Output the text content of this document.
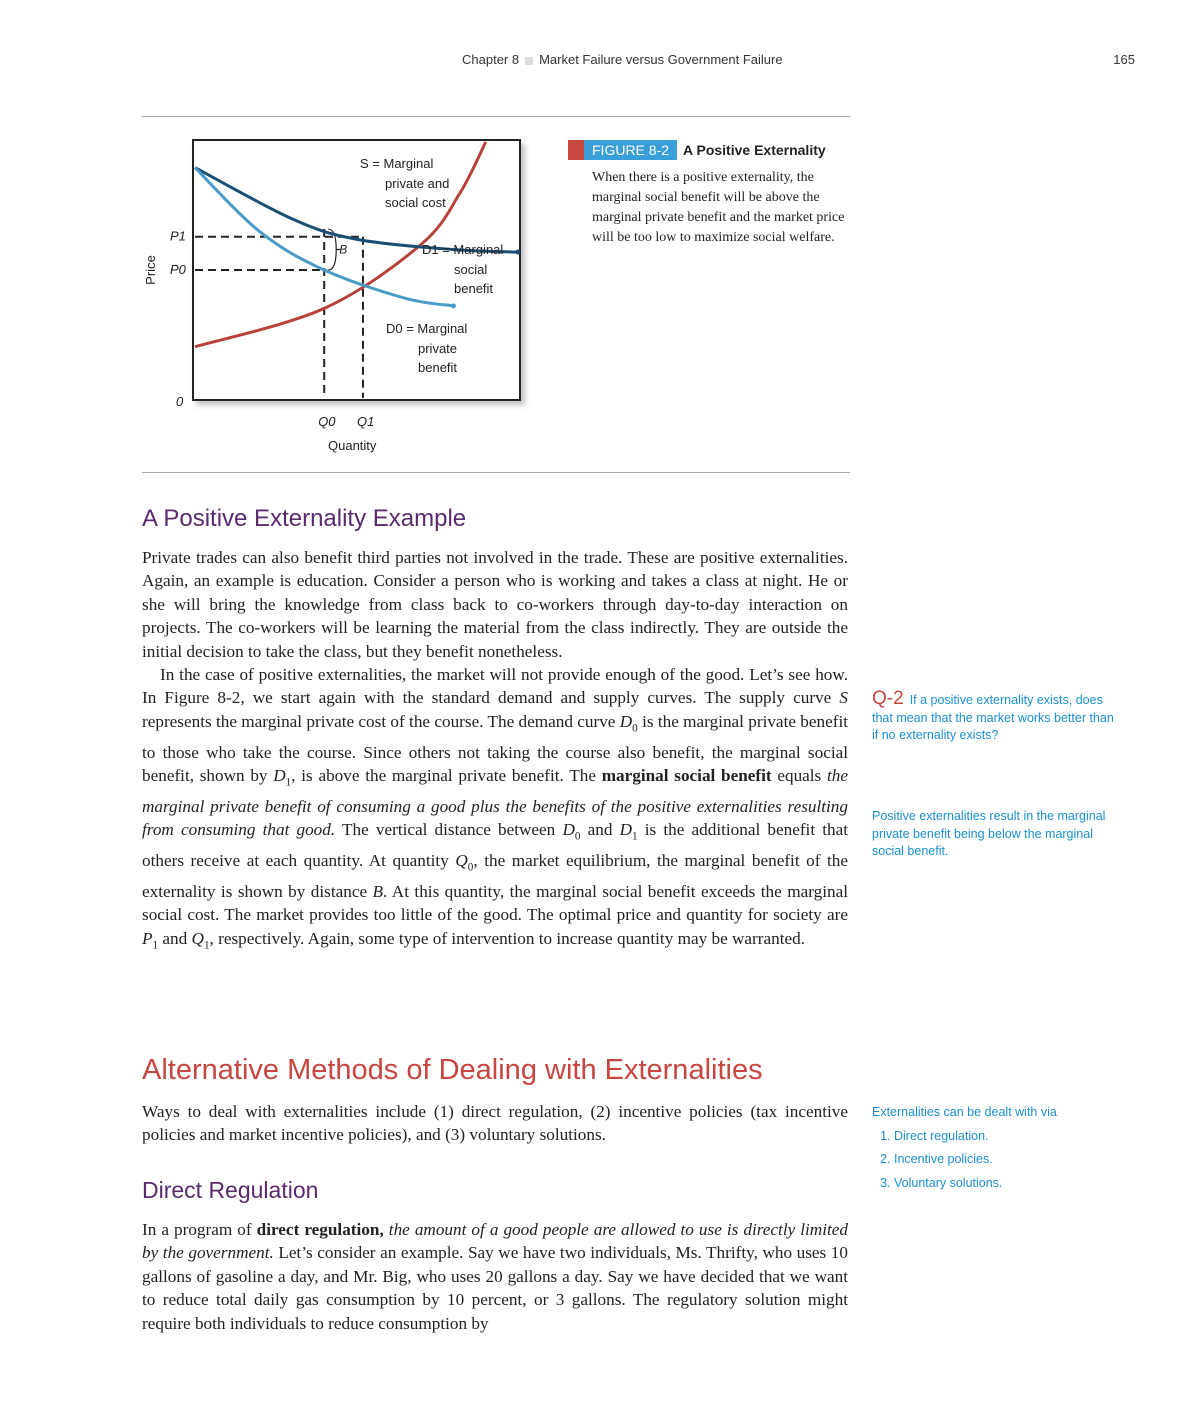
Chapter 8 Market Failure versus Government Failure	165
B
S = Marginal
private and
social cost
D1 = Marginal
social
benefit
D0 = Marginal
private
benefit
P1
P0
0
Q0 Q1
Quantity
Price
FIGURE 8-2 A Positive Externality
When there is a positive externality, the marginal social benefit will be above the marginal private benefit and the market price will be too low to maximize social welfare.
A Positive Externality Example

Private trades can also benefit third parties not involved in the trade. These are positive externalities. Again, an example is education. Consider a person who is working and takes a class at night. He or she will bring the knowledge from class back to co-workers through day-to-day interaction on projects. The co-workers will be learning the material from the class indirectly. They are outside the initial decision to take the class, but they benefit nonetheless.

In the case of positive externalities, the market will not provide enough of the good. Let’s see how. In Figure 8-2, we start again with the standard demand and supply curves. The supply curve S represents the marginal private cost of the course. The demand curve $D_0$ is the marginal private benefit to those who take the course. Since others not taking the course also benefit, the marginal social benefit, shown by $D_1$, is above the marginal private benefit. The marginal social benefit equals the marginal private benefit of consuming a good plus the benefits of the positive externalities resulting from consuming that good. The vertical distance between $D_0$ and $D_1$ is the additional benefit that others receive at each quantity. At quantity $Q_0$, the market equilibrium, the marginal benefit of the externality is shown by distance B. At this quantity, the marginal social benefit exceeds the marginal social cost. The market provides too little of the good. The optimal price and quantity for society are $P_1$ and $Q_1$, respectively. Again, some type of intervention to increase quantity may be warranted.

Alternative Methods of Dealing with Externalities

Ways to deal with externalities include (1) direct regulation, (2) incentive policies (tax incentive policies and market incentive policies), and (3) voluntary solutions.

Direct Regulation

In a program of direct regulation, the amount of a good people are allowed to use is directly limited by the government. Let’s consider an example. Say we have two individuals, Ms. Thrifty, who uses 10 gallons of gasoline a day, and Mr. Big, who uses 20 gallons a day. Say we have decided that we want to reduce total daily gas consumption by 10 percent, or 3 gallons. The regulatory solution might require both individuals to reduce consumption by

Q-2 If a positive externality exists, does that mean that the market works better than if no externality exists?
Positive externalities result in the marginal private benefit being below the marginal social benefit.
Externalities can be dealt with via
1. Direct regulation.
2. Incentive policies.
3. Voluntary solutions.
